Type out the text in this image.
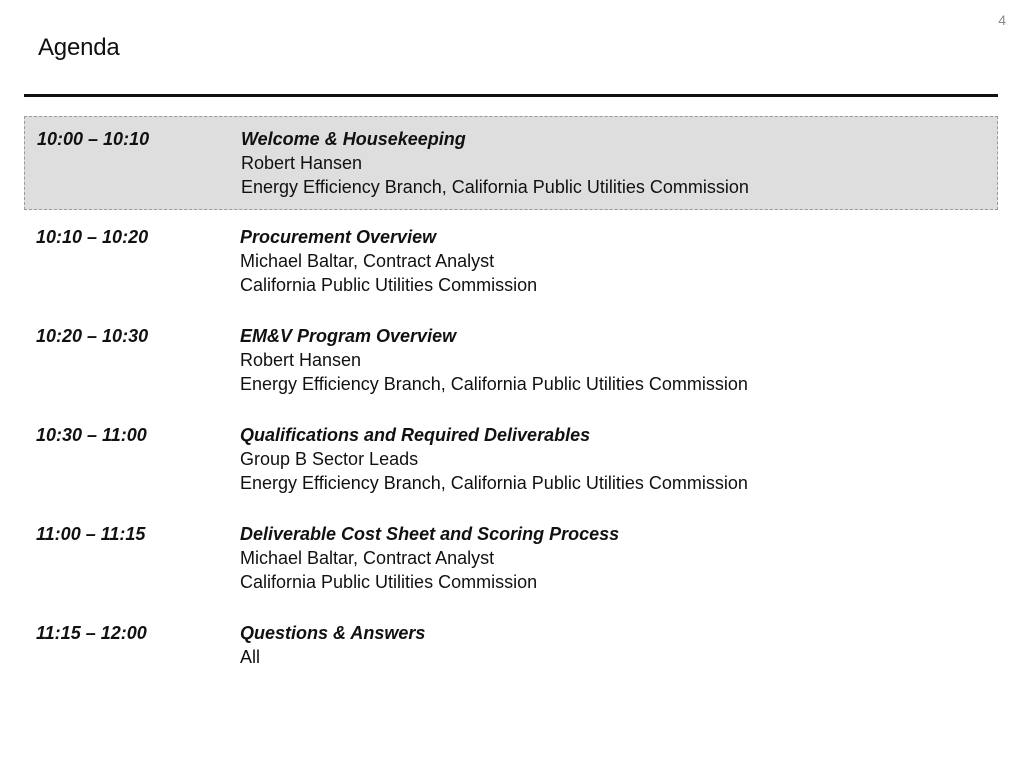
4
Agenda
10:00 – 10:10	Welcome & Housekeeping
Robert Hansen
Energy Efficiency Branch, California Public Utilities Commission
10:10 – 10:20	Procurement Overview
Michael Baltar, Contract Analyst
California Public Utilities Commission
10:20 – 10:30	EM&V Program Overview
Robert Hansen
Energy Efficiency Branch, California Public Utilities Commission
10:30 – 11:00	Qualifications and Required Deliverables
Group B Sector Leads
Energy Efficiency Branch, California Public Utilities Commission
11:00 – 11:15	Deliverable Cost Sheet and Scoring Process
Michael Baltar, Contract Analyst
California Public Utilities Commission
11:15 – 12:00	Questions & Answers
All
